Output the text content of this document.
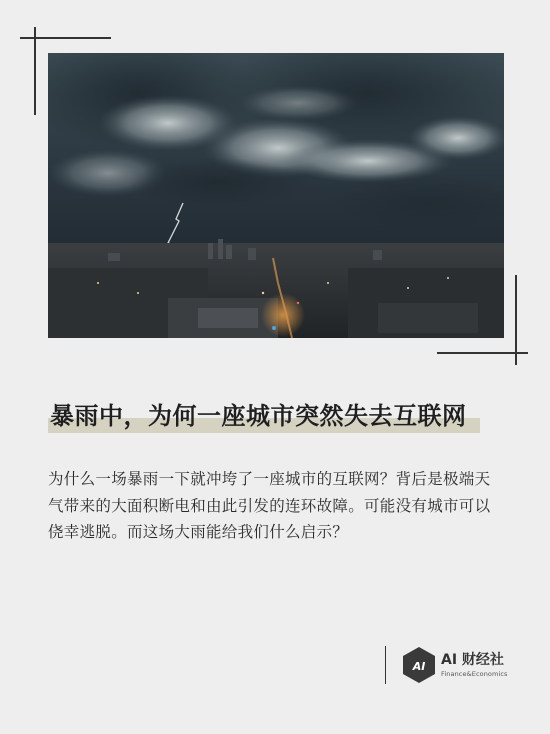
暴雨中，为何一座城市突然失去互联网

为什么一场暴雨一下就冲垮了一座城市的互联网？背后是极端天气带来的大面积断电和由此引发的连环故障。可能没有城市可以侥幸逃脱。而这场大雨能给我们什么启示？

AI AI 财经社
Finance&Economics
